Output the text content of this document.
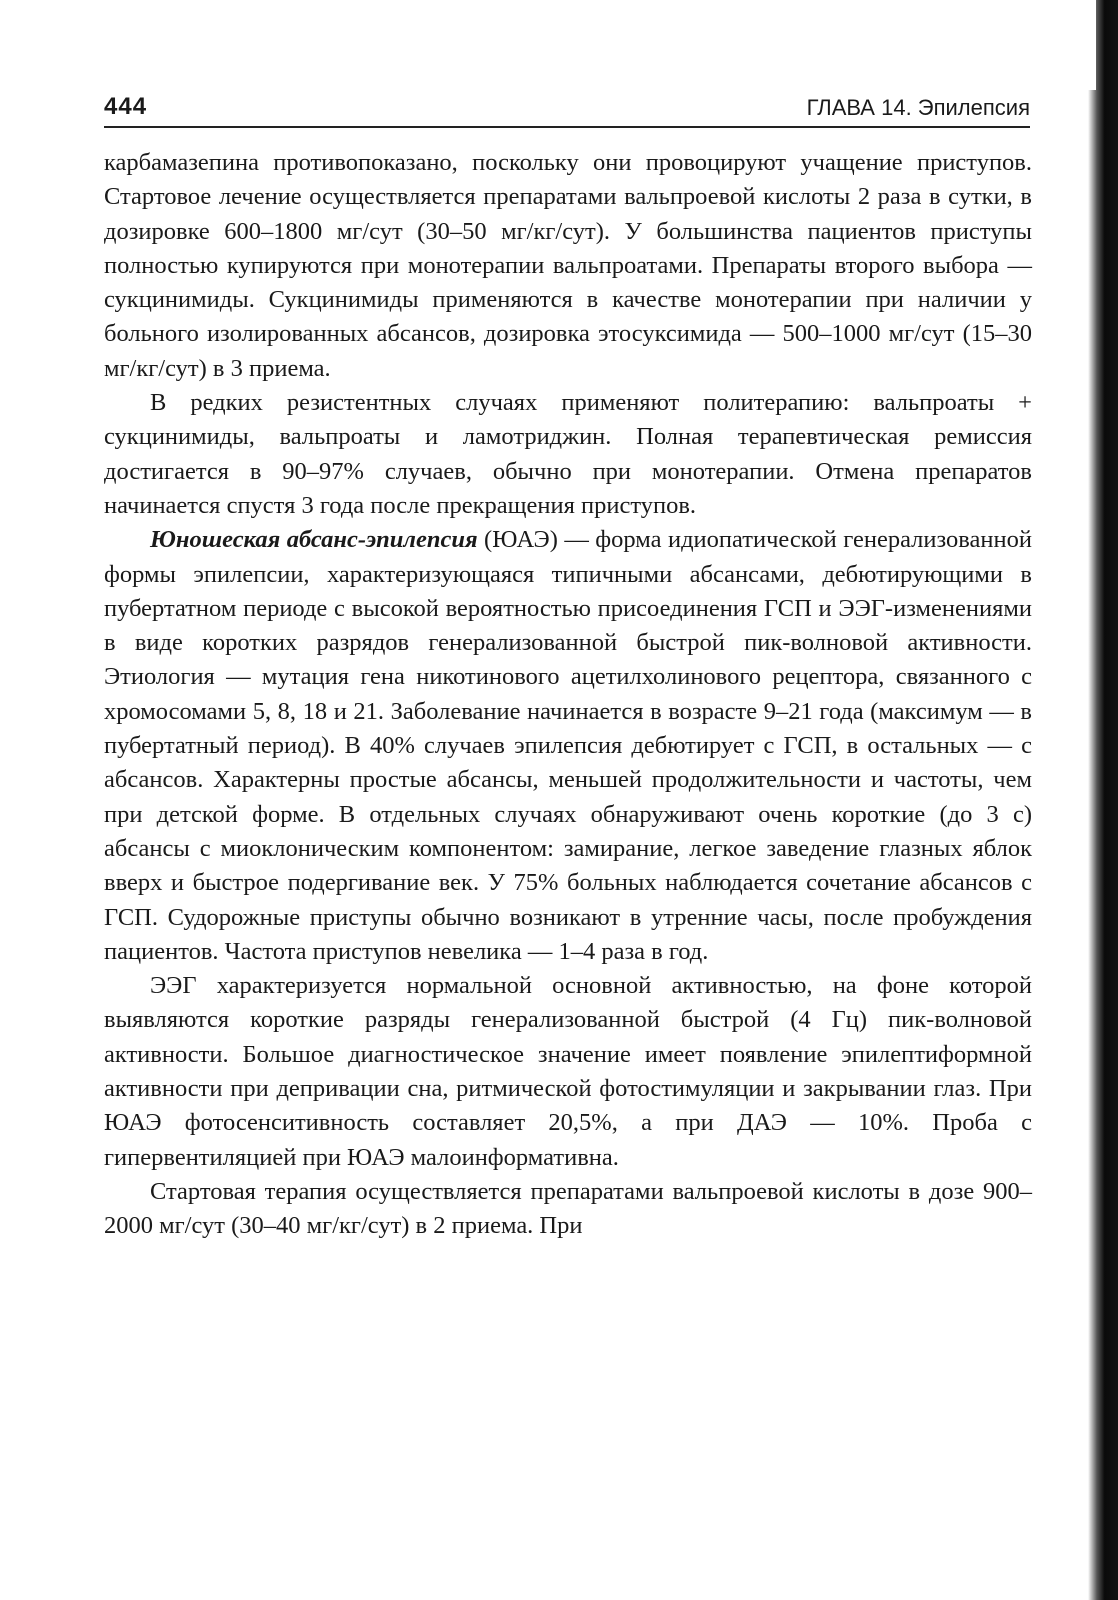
444	ГЛАВА 14. Эпилепсия

карбамазепина противопоказано, поскольку они провоцируют учащение приступов. Стартовое лечение осуществляется препаратами вальпроевой кислоты 2 раза в сутки, в дозировке 600–1800 мг/сут (30–50 мг/кг/сут). У большинства пациентов приступы полностью купируются при монотерапии вальпроатами. Препараты второго выбора — сукцинимиды. Сукцинимиды применяются в качестве монотерапии при наличии у больного изолированных абсансов, дозировка этосуксимида — 500–1000 мг/сут (15–30 мг/кг/сут) в 3 приема.

В редких резистентных случаях применяют политерапию: вальпроаты + сукцинимиды, вальпроаты и ламотриджин. Полная терапевтическая ремиссия достигается в 90–97% случаев, обычно при монотерапии. Отмена препаратов начинается спустя 3 года после прекращения приступов.

Юношеская абсанс-эпилепсия (ЮАЭ) — форма идиопатической генерализованной формы эпилепсии, характеризующаяся типичными абсансами, дебютирующими в пубертатном периоде с высокой вероятностью присоединения ГСП и ЭЭГ-изменениями в виде коротких разрядов генерализованной быстрой пик-волновой активности. Этиология — мутация гена никотинового ацетилхолинового рецептора, связанного с хромосомами 5, 8, 18 и 21. Заболевание начинается в возрасте 9–21 года (максимум — в пубертатный период). В 40% случаев эпилепсия дебютирует с ГСП, в остальных — с абсансов. Характерны простые абсансы, меньшей продолжительности и частоты, чем при детской форме. В отдельных случаях обнаруживают очень короткие (до 3 с) абсансы с миоклоническим компонентом: замирание, легкое заведение глазных яблок вверх и быстрое подергивание век. У 75% больных наблюдается сочетание абсансов с ГСП. Судорожные приступы обычно возникают в утренние часы, после пробуждения пациентов. Частота приступов невелика — 1–4 раза в год.

ЭЭГ характеризуется нормальной основной активностью, на фоне которой выявляются короткие разряды генерализованной быстрой (4 Гц) пик-волновой активности. Большое диагностическое значение имеет появление эпилептиформной активности при депривации сна, ритмической фотостимуляции и закрывании глаз. При ЮАЭ фотосенситивность составляет 20,5%, а при ДАЭ — 10%. Проба с гипервентиляцией при ЮАЭ малоинформативна.

Стартовая терапия осуществляется препаратами вальпроевой кислоты в дозе 900–2000 мг/сут (30–40 мг/кг/сут) в 2 приема. При
